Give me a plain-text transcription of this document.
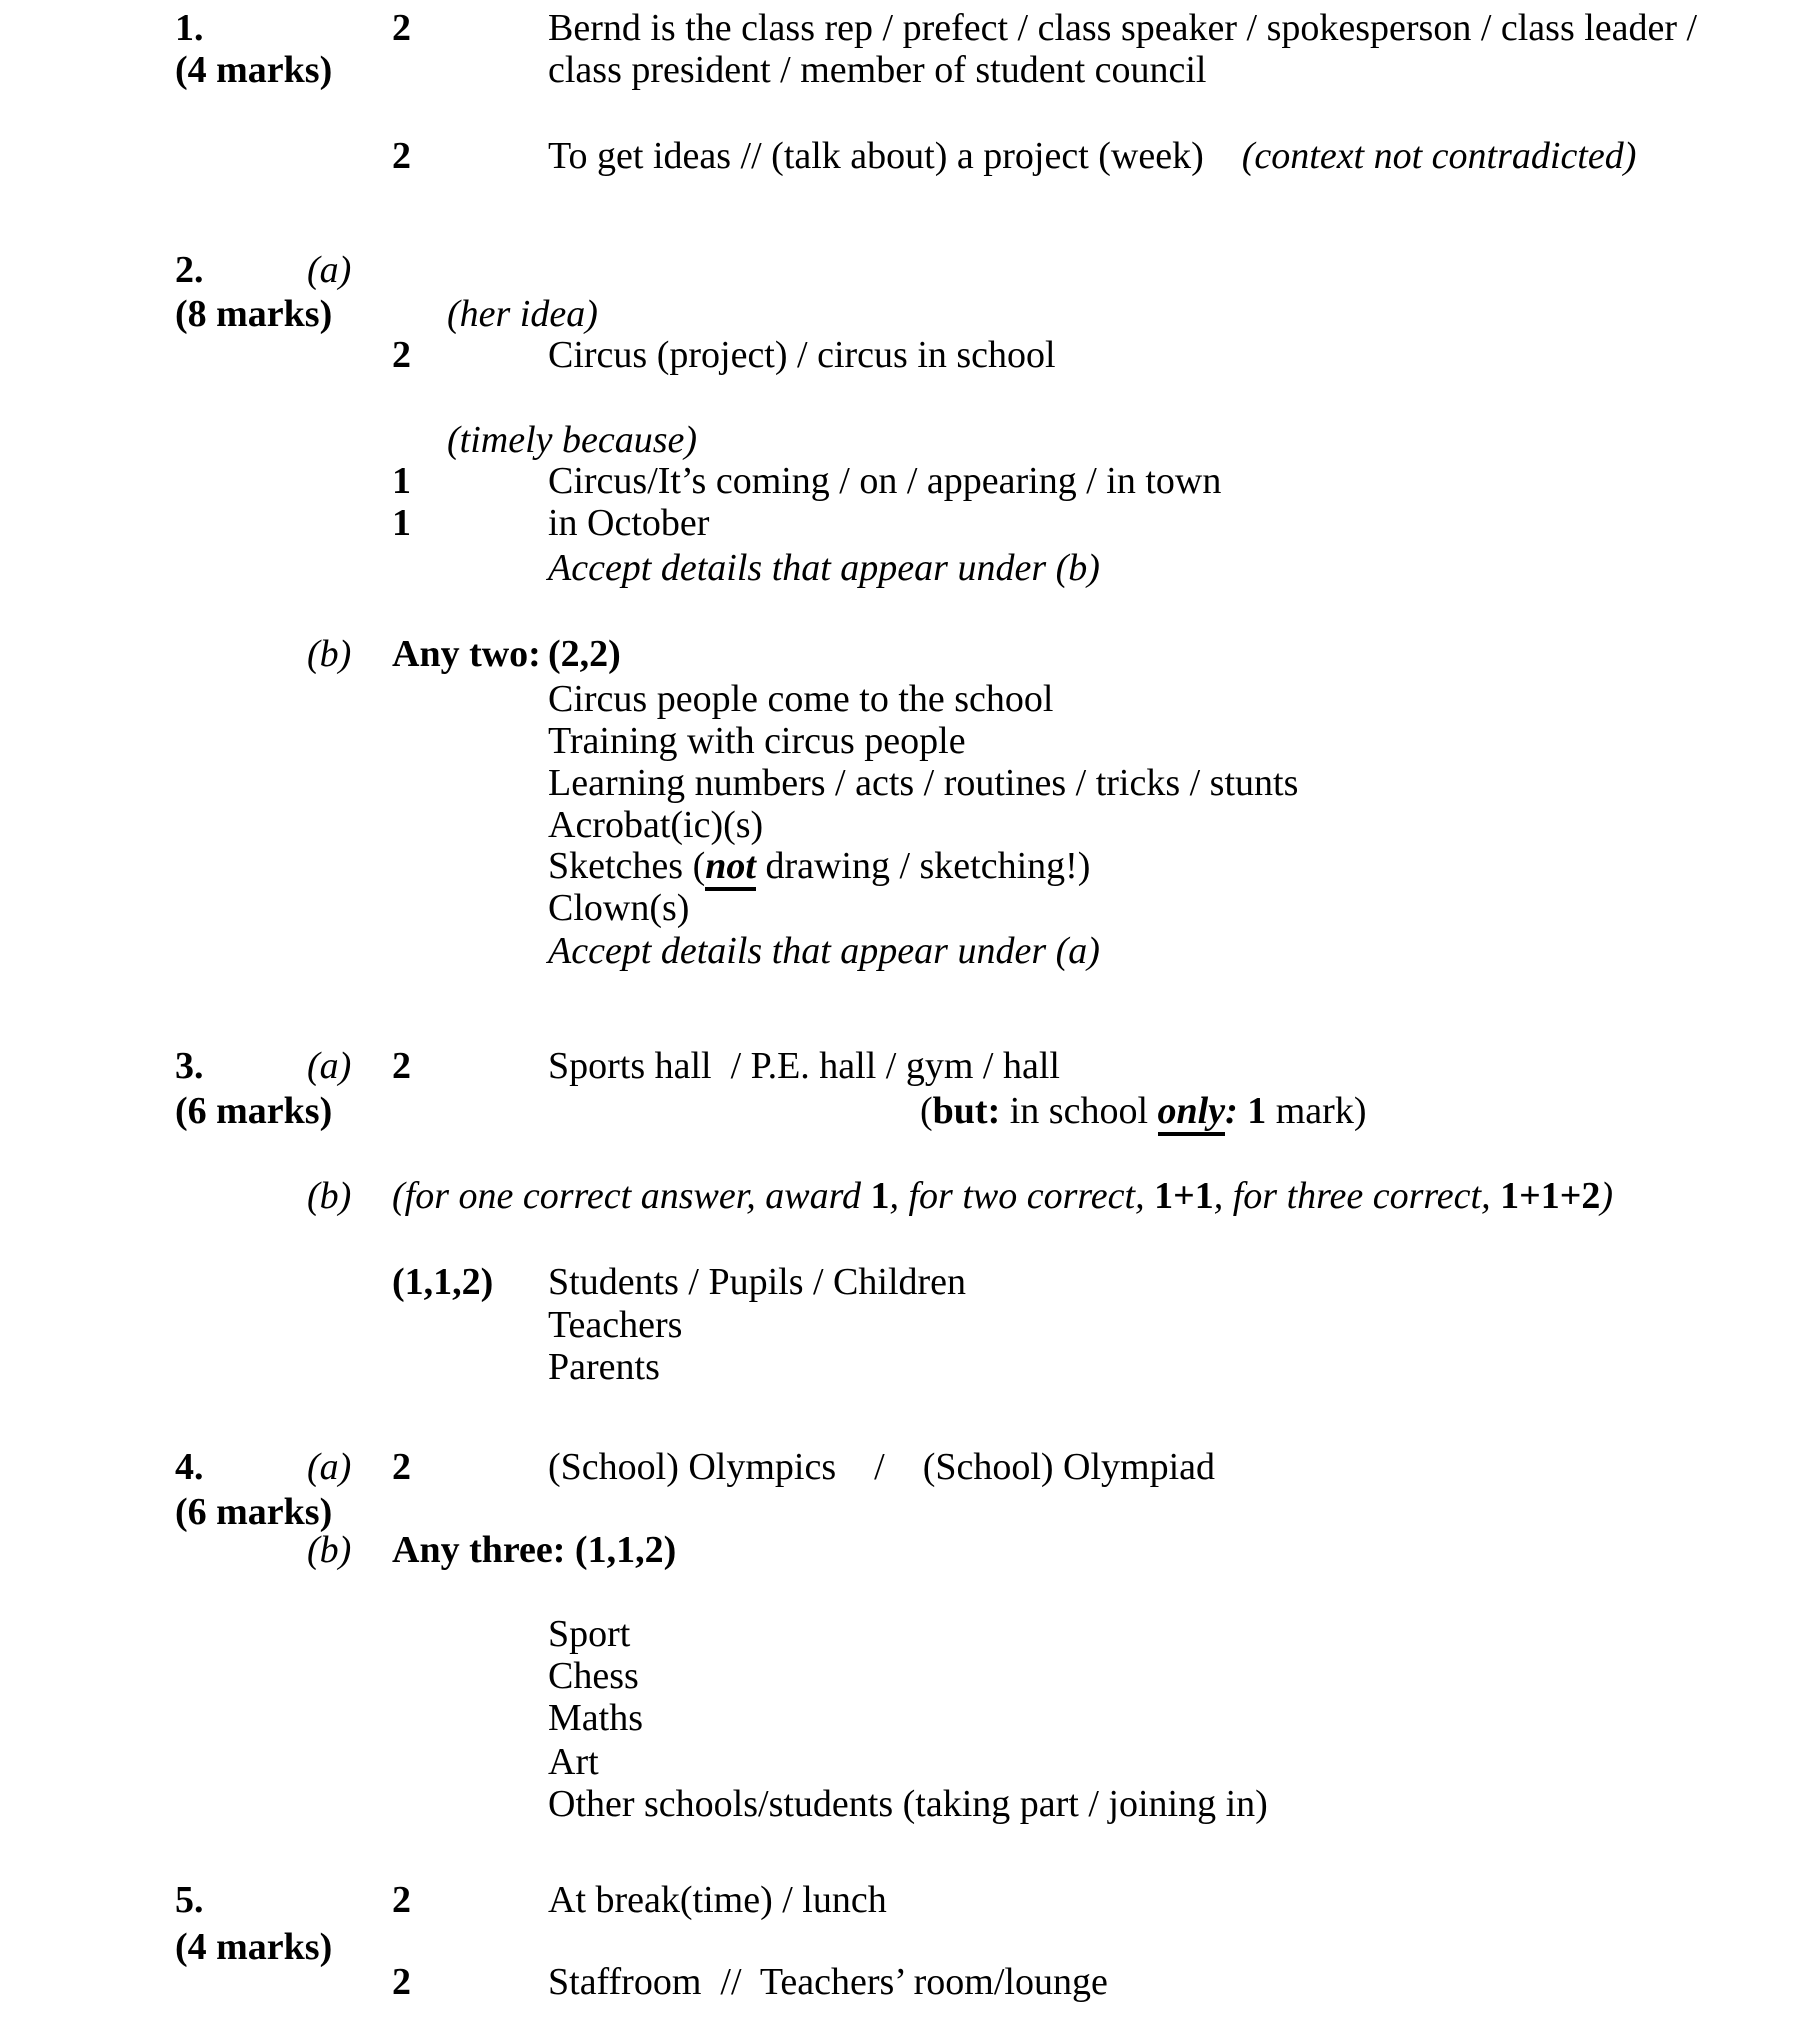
1.	2	Bernd is the class rep / prefect / class speaker / spokesperson / class leader /
(4 marks)	class president / member of student council
2	To get ideas // (talk about) a project (week)    (context not contradicted)
2.	(a)
(8 marks)	(her idea)
2	Circus (project) / circus in school
(timely because)
1	Circus/It’s coming / on / appearing / in town
1	in October
Accept details that appear under (b)
(b) Any two: (2,2)
Circus people come to the school
Training with circus people
Learning numbers / acts / routines / tricks / stunts
Acrobat(ic)(s)
Sketches (not drawing / sketching!)
Clown(s)
Accept details that appear under (a)
3.	(a) 2	Sports hall  / P.E. hall / gym / hall
(6 marks)	(but: in school only: 1 mark)
(b) (for one correct answer, award 1, for two correct, 1+1, for three correct, 1+1+2)
(1,1,2) Students / Pupils / Children
Teachers
Parents
4.	(a) 2	(School) Olympics    /    (School) Olympiad
(6 marks)
(b) Any three: (1,1,2)
Sport
Chess
Maths
Art
Other schools/students (taking part / joining in)
5.	2	At break(time) / lunch
(4 marks)
2	Staffroom  //  Teachers’ room/lounge
